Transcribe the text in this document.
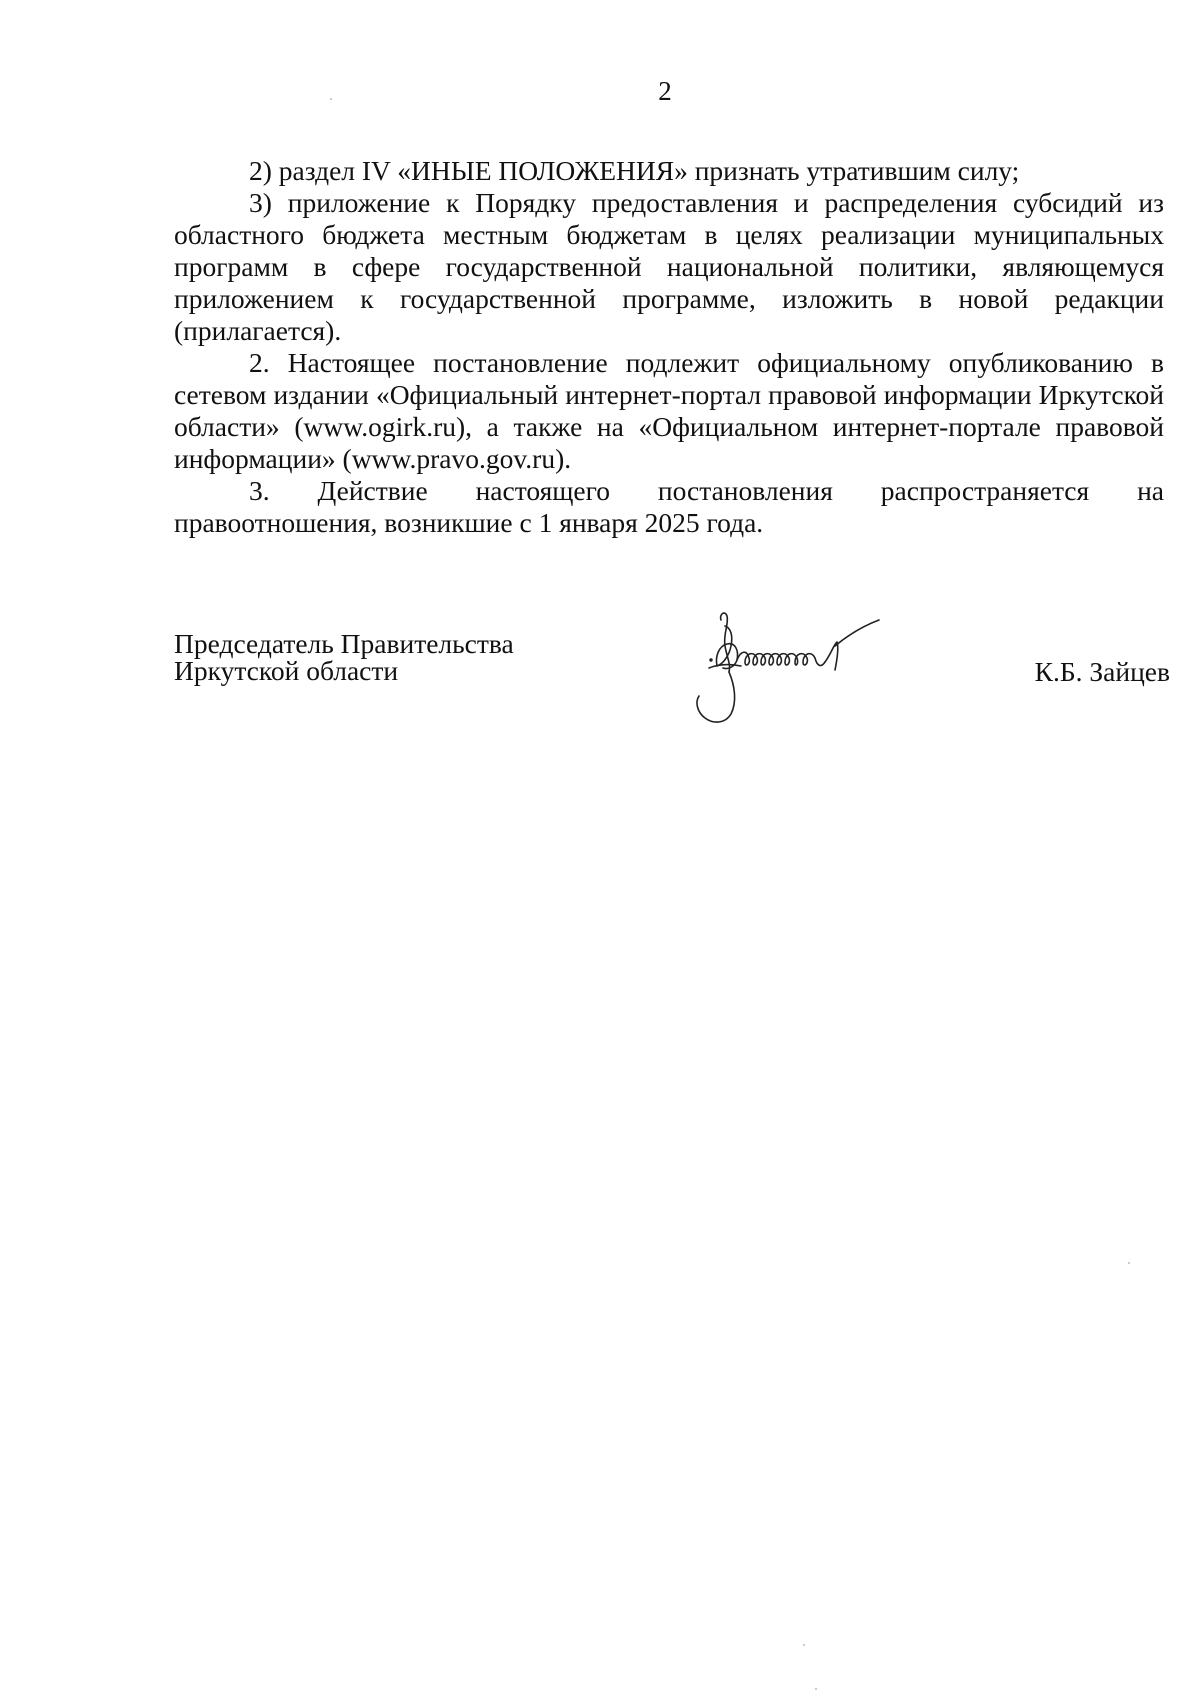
2

2) раздел IV «ИНЫЕ ПОЛОЖЕНИЯ» признать утратившим силу;

3) приложение к Порядку предоставления и распределения субсидий из областного бюджета местным бюджетам в целях реализации муниципальных программ в сфере государственной национальной политики, являющемуся приложением к государственной программе, изложить в новой редакции (прилагается).

2. Настоящее постановление подлежит официальному опубликованию в сетевом издании «Официальный интернет-портал правовой информации Иркутской области» (www.ogirk.ru), а также на «Официальном интернет-портале правовой информации» (www.pravo.gov.ru).

3. Действие настоящего постановления распространяется на правоотношения, возникшие с 1 января 2025 года.

Председатель Правительства
Иркутской области	К.Б. Зайцев
